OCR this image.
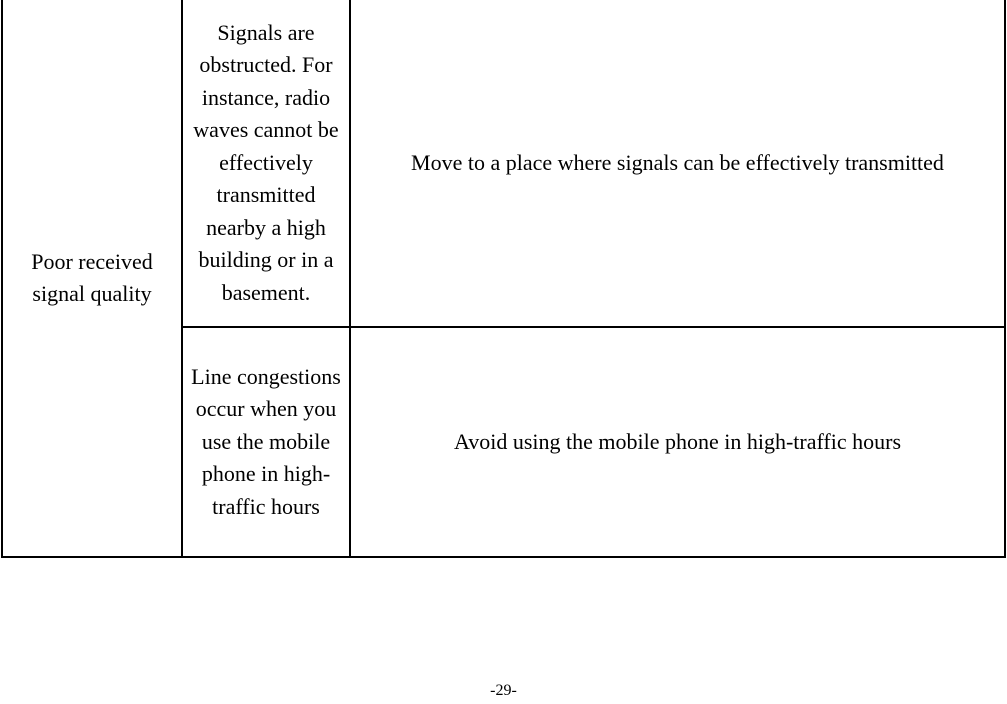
Poor received signal quality	Signals are obstructed. For instance, radio waves cannot be effectively transmitted nearby a high building or in a basement.	Move to a place where signals can be effectively transmitted

	Line congestions occur when you use the mobile phone in high-traffic hours	Avoid using the mobile phone in high-traffic hours
-29-
